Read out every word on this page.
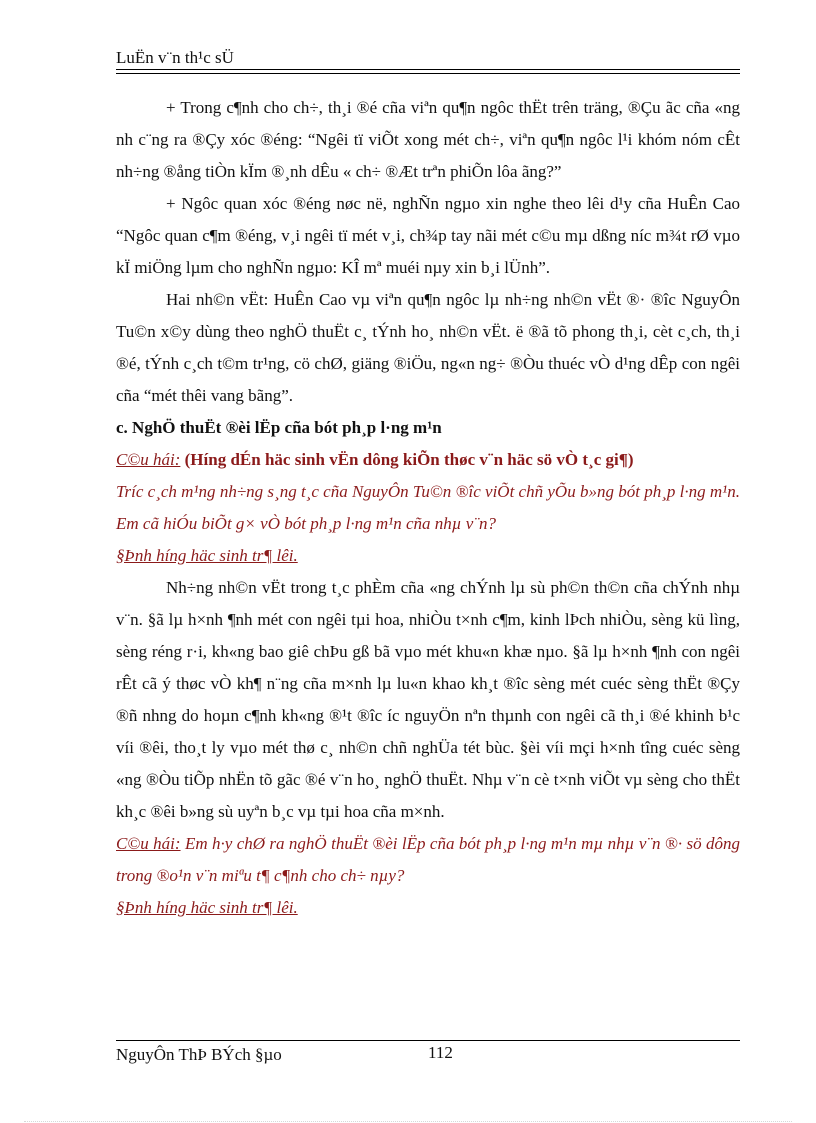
LuËn v¨n th¹c sÜ

+ Trong c¶nh cho ch÷, th¸i ®é cña viªn qu¶n ngôc thËt trên träng, ®Çu ãc cña «ng nh c¨ng ra ®Çy xóc ®éng: “Ngêi tï viÕt xong mét ch÷, viªn qu¶n ngôc l¹i khóm nóm cÊt nh÷ng ®ång tiÒn kÏm ®¸nh dÊu « ch÷ ®Æt trªn phiÕn lôa ãng?”

+ Ngôc quan xóc ®éng nøc në, nghÑn ngµo xin nghe theo lêi d¹y cña HuÊn Cao “Ngôc quan c¶m ®éng, v¸i ngêi tï mét v¸i, ch¾p tay nãi mét c©u mµ dßng níc m¾t rØ vµo kÏ miÖng lµm cho nghÑn ngµo: KÎ mª muéi nµy xin b¸i lÜnh”.

Hai nh©n vËt: HuÊn Cao vµ viªn qu¶n ngôc lµ nh÷ng nh©n vËt ®· ®îc NguyÔn Tu©n x©y dùng theo nghÖ thuËt c¸ tÝnh ho¸ nh©n vËt. ë ®ã tõ phong th¸i, cèt c¸ch, th¸i ®é, tÝnh c¸ch t©m tr¹ng, cö chØ, giäng ®iÖu, ng«n ng÷ ®Òu thuéc vÒ d¹ng dÊp con ngêi cña “mét thêi vang bãng”.

c. NghÖ thuËt ®èi lËp cña bót ph¸p l·ng m¹n

C©u hái: (Híng dÉn häc sinh vËn dông kiÕn thøc v¨n häc sö vÒ t¸c gi¶)

Tríc c¸ch m¹ng nh÷ng s¸ng t¸c cña NguyÔn Tu©n ®îc viÕt chñ yÕu b»ng bót ph¸p l·ng m¹n. Em cã hiÓu biÕt g× vÒ bót ph¸p l·ng m¹n cña nhµ v¨n?

§Þnh híng häc sinh tr¶ lêi.

Nh÷ng nh©n vËt trong t¸c phÈm cña «ng chÝnh lµ sù ph©n th©n cña chÝnh nhµ v¨n. §ã lµ h×nh ¶nh mét con ngêi tµi hoa, nhiÒu t×nh c¶m, kinh lÞch nhiÒu, sèng kü lìng, sèng réng r·i, kh«ng bao giê chÞu gß bã vµo mét khu«n khæ nµo. §ã lµ h×nh ¶nh con ngêi rÊt cã ý thøc vÒ kh¶ n¨ng cña m×nh lµ lu«n khao kh¸t ®îc sèng mét cuéc sèng thËt ®Çy ®ñ nhng do hoµn c¶nh kh«ng ®¹t ®îc íc nguyÖn nªn thµnh con ngêi cã th¸i ®é khinh b¹c víi ®êi, tho¸t ly vµo mét thø c¸ nh©n chñ nghÜa tét bùc. §èi víi mçi h×nh tîng cuéc sèng «ng ®Òu tiÕp nhËn tõ gãc ®é v¨n ho¸ nghÖ thuËt. Nhµ v¨n cè t×nh viÕt vµ sèng cho thËt kh¸c ®êi b»ng sù uyªn b¸c vµ tµi hoa cña m×nh.

C©u hái: Em h·y chØ ra nghÖ thuËt ®èi lËp cña bót ph¸p l·ng m¹n mµ nhµ v¨n ®· sö dông trong ®o¹n v¨n miªu t¶ c¶nh cho ch÷ nµy?

§Þnh híng häc sinh tr¶ lêi.

NguyÔn ThÞ BÝch §µo	112
